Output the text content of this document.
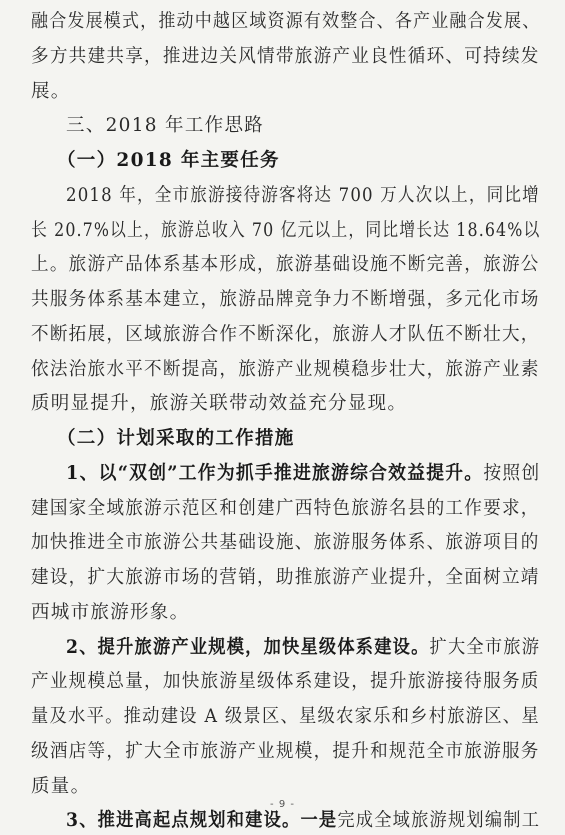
融合发展模式，推动中越区域资源有效整合、各产业融合发展、
多方共建共享，推进边关风情带旅游产业良性循环、可持续发
展。
三、2018 年工作思路
（一）2018 年主要任务
2018 年，全市旅游接待游客将达 700 万人次以上，同比增
长 20.7%以上，旅游总收入 70 亿元以上，同比增长达 18.64%以
上。旅游产品体系基本形成，旅游基础设施不断完善，旅游公
共服务体系基本建立，旅游品牌竞争力不断增强，多元化市场
不断拓展，区域旅游合作不断深化，旅游人才队伍不断壮大，
依法治旅水平不断提高，旅游产业规模稳步壮大，旅游产业素
质明显提升，旅游关联带动效益充分显现。
（二）计划采取的工作措施
1、以“双创”工作为抓手推进旅游综合效益提升。按照创
建国家全域旅游示范区和创建广西特色旅游名县的工作要求，
加快推进全市旅游公共基础设施、旅游服务体系、旅游项目的
建设，扩大旅游市场的营销，助推旅游产业提升，全面树立靖
西城市旅游形象。
2、提升旅游产业规模，加快星级体系建设。扩大全市旅游
产业规模总量，加快旅游星级体系建设，提升旅游接待服务质
量及水平。推动建设 A 级景区、星级农家乐和乡村旅游区、星
级酒店等，扩大全市旅游产业规模，提升和规范全市旅游服务
质量。
3、推进高起点规划和建设。一是完成全域旅游规划编制工
- 9 -
